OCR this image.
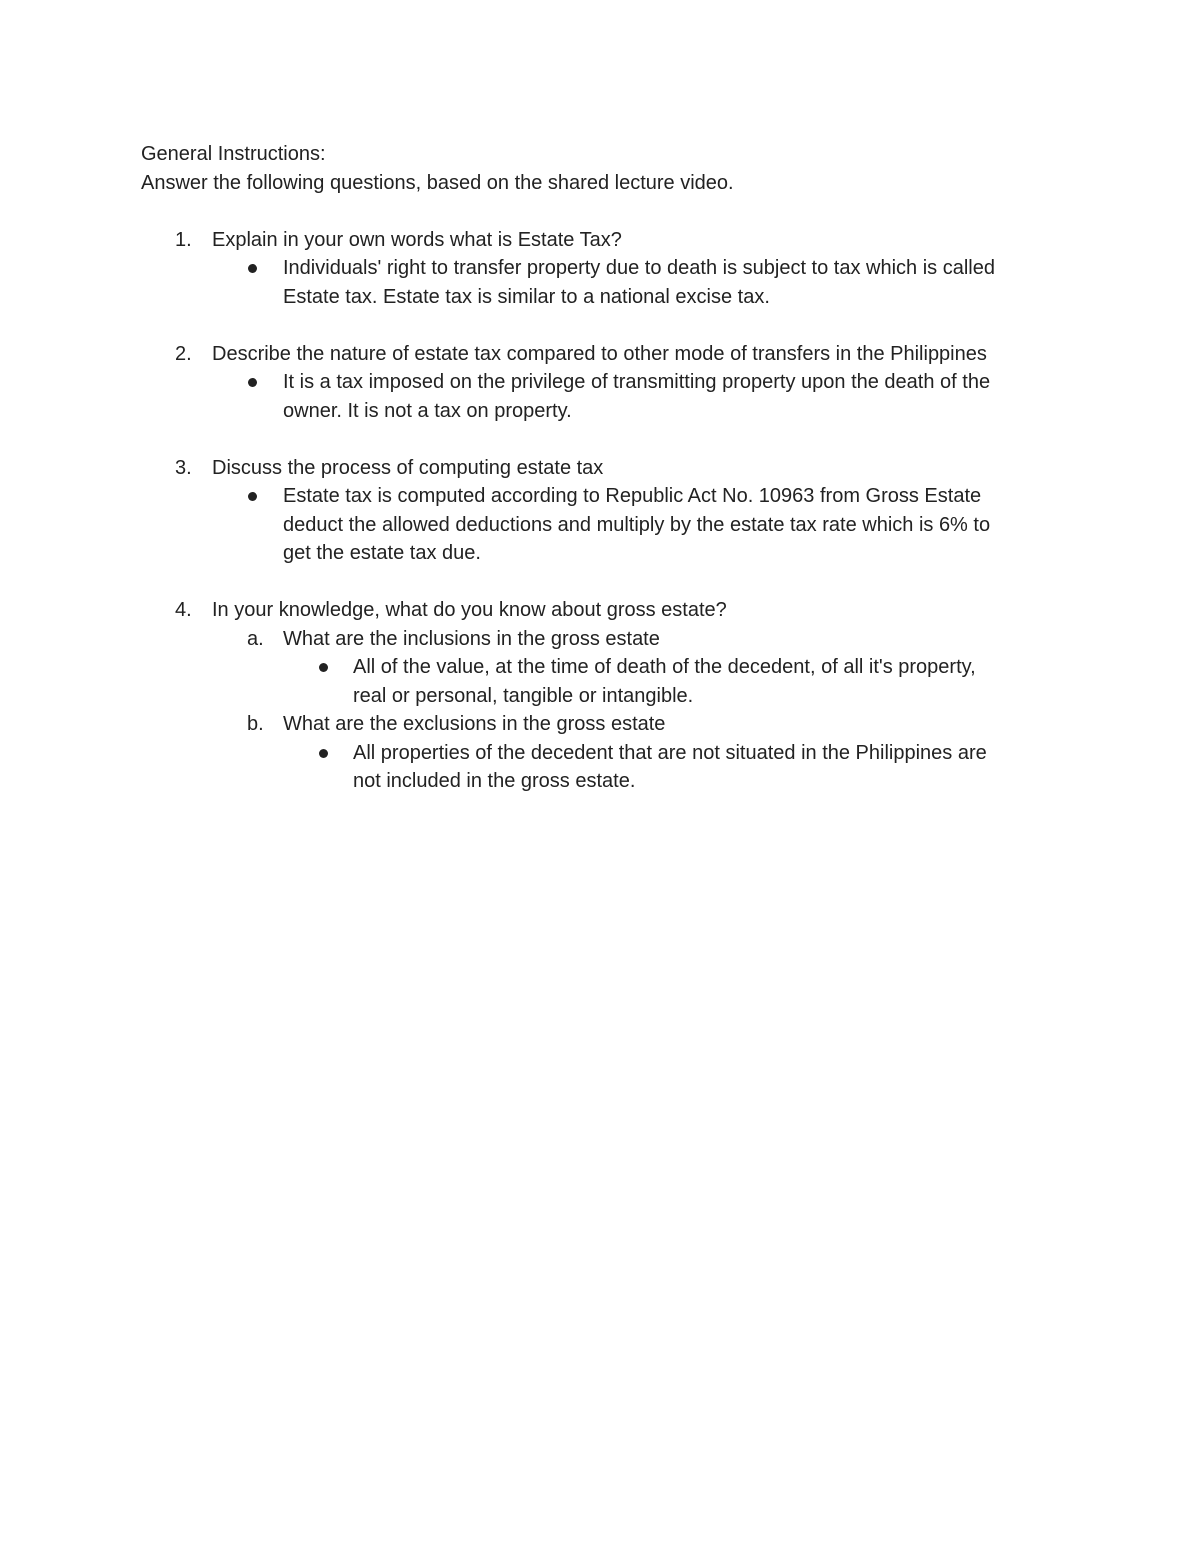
General Instructions:

Answer the following questions, based on the shared lecture video.

1. Explain in your own words what is Estate Tax?
Individuals' right to transfer property due to death is subject to tax which is called
Estate tax. Estate tax is similar to a national excise tax.
2. Describe the nature of estate tax compared to other mode of transfers in the Philippines
It is a tax imposed on the privilege of transmitting property upon the death of the
owner. It is not a tax on property.
3. Discuss the process of computing estate tax
Estate tax is computed according to Republic Act No. 10963 from Gross Estate
deduct the allowed deductions and multiply by the estate tax rate which is 6% to
get the estate tax due.
4. In your knowledge, what do you know about gross estate?
a. What are the inclusions in the gross estate
All of the value, at the time of death of the decedent, of all it's property,
real or personal, tangible or intangible.
b. What are the exclusions in the gross estate
All properties of the decedent that are not situated in the Philippines are
not included in the gross estate.
